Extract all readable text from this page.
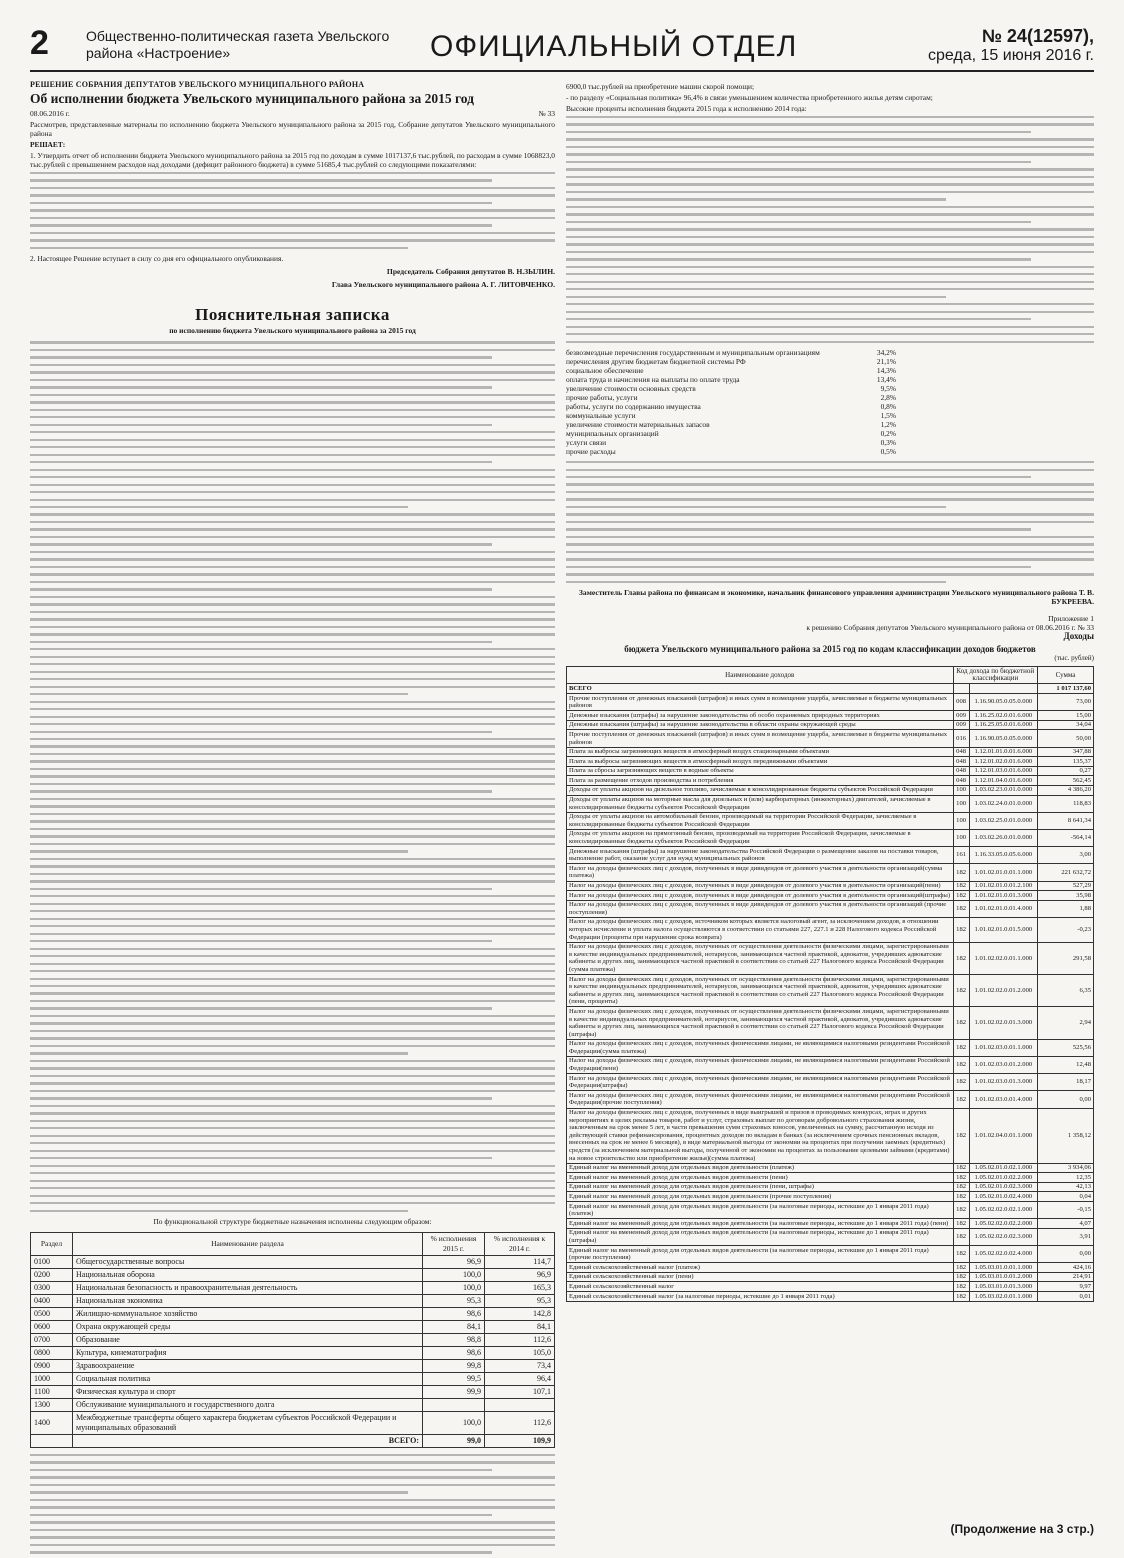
2	Общественно-политическая газета Увельского района «Настроение»	ОФИЦИАЛЬНЫЙ ОТДЕЛ	№ 24(12597),
среда, 15 июня 2016 г.
РЕШЕНИЕ СОБРАНИЯ ДЕПУТАТОВ УВЕЛЬСКОГО МУНИЦИПАЛЬНОГО РАЙОНА
Об исполнении бюджета Увельского муниципального района за 2015 год
08.06.2016 г.	№ 33
Рассмотрев, представленные материалы по исполнению бюджета Увельского муниципального района за 2015 год, Собрание депутатов Увельского муниципального района
РЕШАЕТ:
1. Утвердить отчет об исполнении бюджета Увельского муниципального района за 2015 год по доходам в сумме 1017137,6 тыс.рублей, по расходам в сумме 1068823,0 тыс.рублей с превышением расходов над доходами (дефицит районного бюджета) в сумме 51685,4 тыс.рублей со следующими показателями:
2. Настоящее Решение вступает в силу со дня его официального опубликования.
Председатель Собрания депутатов В. Н.ЗЫЛИН.
Глава Увельского муниципального района А. Г. ЛИТОВЧЕНКО.
Пояснительная записка
по исполнению бюджета Увельского муниципального района за 2015 год
По функциональной структуре бюджетные назначения исполнены следующим образом:
Раздел	Наименование раздела	% исполнения 2015 г.	% исполнения к 2014 г.
0100	Общегосударственные вопросы	96,9	114,7
0200	Национальная оборона	100,0	96,9
0300	Национальная безопасность и правоохранительная деятельность	100,0	165,3
0400	Национальная экономика	95,3	95,3
0500	Жилищно-коммунальное хозяйство	98,6	142,8
0600	Охрана окружающей среды	84,1	84,1
0700	Образование	98,8	112,6
0800	Культура, кинематография	98,6	105,0
0900	Здравоохранение	99,8	73,4
1000	Социальная политика	99,5	96,4
1100	Физическая культура и спорт	99,9	107,1
1300	Обслуживание муниципального и государственного долга		
1400	Межбюджетные трансферты общего характера бюджетам субъектов Российской Федерации и муниципальных образований	100,0	112,6
	ВСЕГО:	99,0	109,9
6900,0 тыс.рублей на приобретение машин скорой помощи;
- по разделу «Социальная политика» 96,4% в связи уменьшением количества приобретенного жилья детям сиротам;
Высокие проценты исполнения бюджета 2015 года к исполнению 2014 года:
безвозмездные перечисления государственным и муниципальным организациям	34,2%
перечисления другим бюджетам бюджетной системы РФ	21,1%
социальное обеспечение	14,3%
оплата труда и начисления на выплаты по оплате труда	13,4%
увеличение стоимости основных средств	9,5%
прочие работы, услуги	2,8%
работы, услуги по содержанию имущества	0,8%
коммунальные услуги	1,5%
увеличение стоимости материальных запасов	1,2%
муниципальных организаций	0,2%
услуги связи	0,3%
прочие расходы	0,5%
Заместитель Главы района по финансам и экономике, начальник финансового управления администрации Увельского муниципального района Т. В. БУКРЕЕВА.
Приложение 1
к решению Собрания депутатов Увельского муниципального района от 08.06.2016 г. № 33
Доходы
бюджета Увельского муниципального района за 2015 год по кодам классификации доходов бюджетов
(тыс. рублей)
Наименование доходов	Код дохода по бюджетной классификации		Сумма
ВСЕГО			1 017 137,60
Прочие поступления от денежных взысканий (штрафов) и иных сумм в возмещение ущерба, зачисляемые в бюджеты муниципальных районов	008	1.16.90.05.0.05.0.000	73,00
Денежные взыскания (штрафы) за нарушение законодательства об особо охраняемых природных территориях	009	1.16.25.02.0.01.6.000	15,00
Денежные взыскания (штрафы) за нарушение законодательства в области охраны окружающей среды	009	1.16.25.05.0.01.6.000	34,04
Прочие поступления от денежных взысканий (штрафов) и иных сумм в возмещение ущерба, зачисляемые в бюджеты муниципальных районов	016	1.16.90.05.0.05.0.000	50,00
Плата за выбросы загрязняющих веществ в атмосферный воздух стационарными объектами	048	1.12.01.01.0.01.6.000	347,88
Плата за выбросы загрязняющих веществ в атмосферный воздух передвижными объектами	048	1.12.01.02.0.01.6.000	135,37
Плата за сбросы загрязняющих веществ в водные объекты	048	1.12.01.03.0.01.6.000	0,27
Плата за размещение отходов производства и потребления	048	1.12.01.04.0.01.6.000	562,45
Доходы от уплаты акцизов на дизельное топливо, зачисляемые в консолидированные бюджеты субъектов Российской Федерации	100	1.03.02.23.0.01.0.000	4 386,20
Доходы от уплаты акцизов на моторные масла для дизельных и (или) карбюраторных (инжекторных) двигателей, зачисляемые в консолидированные бюджеты субъектов Российской Федерации	100	1.03.02.24.0.01.0.000	118,83
Доходы от уплаты акцизов на автомобильный бензин, производимый на территории Российской Федерации, зачисляемые в консолидированные бюджеты субъектов Российской Федерации	100	1.03.02.25.0.01.0.000	8 641,34
Доходы от уплаты акцизов на прямогонный бензин, производимый на территории Российской Федерации, зачисляемые в консолидированные бюджеты субъектов Российской Федерации	100	1.03.02.26.0.01.0.000	-564,14
Денежные взыскания (штрафы) за нарушение законодательства Российской Федерации о размещении заказов на поставки товаров, выполнение работ, оказание услуг для нужд муниципальных районов	161	1.16.33.05.0.05.6.000	3,00
Налог на доходы физических лиц с доходов, полученных в виде дивидендов от долевого участия в деятельности организаций(сумма платежа)	182	1.01.02.01.0.01.1.000	221 632,72
Налог на доходы физических лиц с доходов, полученных в виде дивидендов от долевого участия в деятельности организаций(пени)	182	1.01.02.01.0.01.2.100	527,29
Налог на доходы физических лиц с доходов, полученных в виде дивидендов от долевого участия в деятельности организаций(штрафы)	182	1.01.02.01.0.01.3.000	35,98
Налог на доходы физических лиц с доходов, полученных в виде дивидендов от долевого участия в деятельности организаций (прочие поступления)	182	1.01.02.01.0.01.4.000	1,88
Налог на доходы физических лиц с доходов, источником которых является налоговый агент, за исключением доходов, в отношении которых исчисление и уплата налога осуществляются в соответствии со статьями 227, 227.1 и 228 Налогового кодекса Российской Федерации (проценты при нарушении срока возврата)	182	1.01.02.01.0.01.5.000	-0,23
Налог на доходы физических лиц с доходов, полученных от осуществления деятельности физическими лицами, зарегистрированными в качестве индивидуальных предпринимателей, нотариусов, занимающихся частной практикой, адвокатов, учредивших адвокатские кабинеты и других лиц, занимающихся частной практикой в соответствии со статьей 227 Налогового кодекса Российской Федерации (сумма платежа)	182	1.01.02.02.0.01.1.000	291,58
Налог на доходы физических лиц с доходов, полученных от осуществления деятельности физическими лицами, зарегистрированными в качестве индивидуальных предпринимателей, нотариусов, занимающихся частной практикой, адвокатов, учредивших адвокатские кабинеты и других лиц, занимающихся частной практикой в соответствии со статьей 227 Налогового кодекса Российской Федерации (пени, проценты)	182	1.01.02.02.0.01.2.000	6,35
Налог на доходы физических лиц с доходов, полученных от осуществления деятельности физическими лицами, зарегистрированными в качестве индивидуальных предпринимателей, нотариусов, занимающихся частной практикой, адвокатов, учредивших адвокатские кабинеты и других лиц, занимающихся частной практикой в соответствии со статьей 227 Налогового кодекса Российской Федерации (штрафы)	182	1.01.02.02.0.01.3.000	2,94
Налог на доходы физических лиц с доходов, полученных физическими лицами, не являющимися налоговыми резидентами Российской Федерации(сумма платежа)	182	1.01.02.03.0.01.1.000	525,56
Налог на доходы физических лиц с доходов, полученных физическими лицами, не являющимися налоговыми резидентами Российской Федерации(пени)	182	1.01.02.03.0.01.2.000	12,48
Налог на доходы физических лиц с доходов, полученных физическими лицами, не являющимися налоговыми резидентами Российской Федерации(штрафы)	182	1.01.02.03.0.01.3.000	18,17
Налог на доходы физических лиц с доходов, полученных физическими лицами, не являющимися налоговыми резидентами Российской Федерации(прочие поступления)	182	1.01.02.03.0.01.4.000	0,00
Налог на доходы физических лиц с доходов, полученных в виде выигрышей и призов в проводимых конкурсах, играх и других мероприятиях в целях рекламы товаров, работ и услуг, страховых выплат по договорам добровольного страхования жизни, заключенным на срок менее 5 лет, в части превышения сумм страховых взносов, увеличенных на сумму, рассчитанную исходя из действующей ставки рефинансирования, процентных доходов по вкладам в банках (за исключением срочных пенсионных вкладов, внесенных на срок не менее 6 месяцев), в виде материальной выгоды от экономии на процентах при получении заемных (кредитных) средств (за исключением материальной выгоды, полученной от экономии на процентах за пользование целевыми займами (кредитами) на новое строительство или приобретение жилья)(сумма платежа)	182	1.01.02.04.0.01.1.000	1 358,12
Единый налог на вмененный доход для отдельных видов деятельности (платеж)	182	1.05.02.01.0.02.1.000	3 934,06
Единый налог на вмененный доход для отдельных видов деятельности (пени)	182	1.05.02.01.0.02.2.000	12,35
Единый налог на вмененный доход для отдельных видов деятельности (пени, штрафы)	182	1.05.02.01.0.02.3.000	42,13
Единый налог на вмененный доход для отдельных видов деятельности (прочие поступления)	182	1.05.02.01.0.02.4.000	0,04
Единый налог на вмененный доход для отдельных видов деятельности (за налоговые периоды, истекшие до 1 января 2011 года) (платеж)	182	1.05.02.02.0.02.1.000	-0,15
Единый налог на вмененный доход для отдельных видов деятельности (за налоговые периоды, истекшие до 1 января 2011 года) (пени)	182	1.05.02.02.0.02.2.000	4,07
Единый налог на вмененный доход для отдельных видов деятельности (за налоговые периоды, истекшие до 1 января 2011 года) (штрафы)	182	1.05.02.02.0.02.3.000	3,91
Единый налог на вмененный доход для отдельных видов деятельности (за налоговые периоды, истекшие до 1 января 2011 года) (прочие поступления)	182	1.05.02.02.0.02.4.000	0,00
Единый сельскохозяйственный налог (платеж)	182	1.05.03.01.0.01.1.000	424,16
Единый сельскохозяйственный налог (пени)	182	1.05.03.01.0.01.2.000	214,91
Единый сельскохозяйственный налог	182	1.05.03.01.0.01.3.000	9,97
Единый сельскохозяйственный налог (за налоговые периоды, истекшие до 1 января 2011 года)	182	1.05.03.02.0.01.1.000	0,01
(Продолжение на 3 стр.)
